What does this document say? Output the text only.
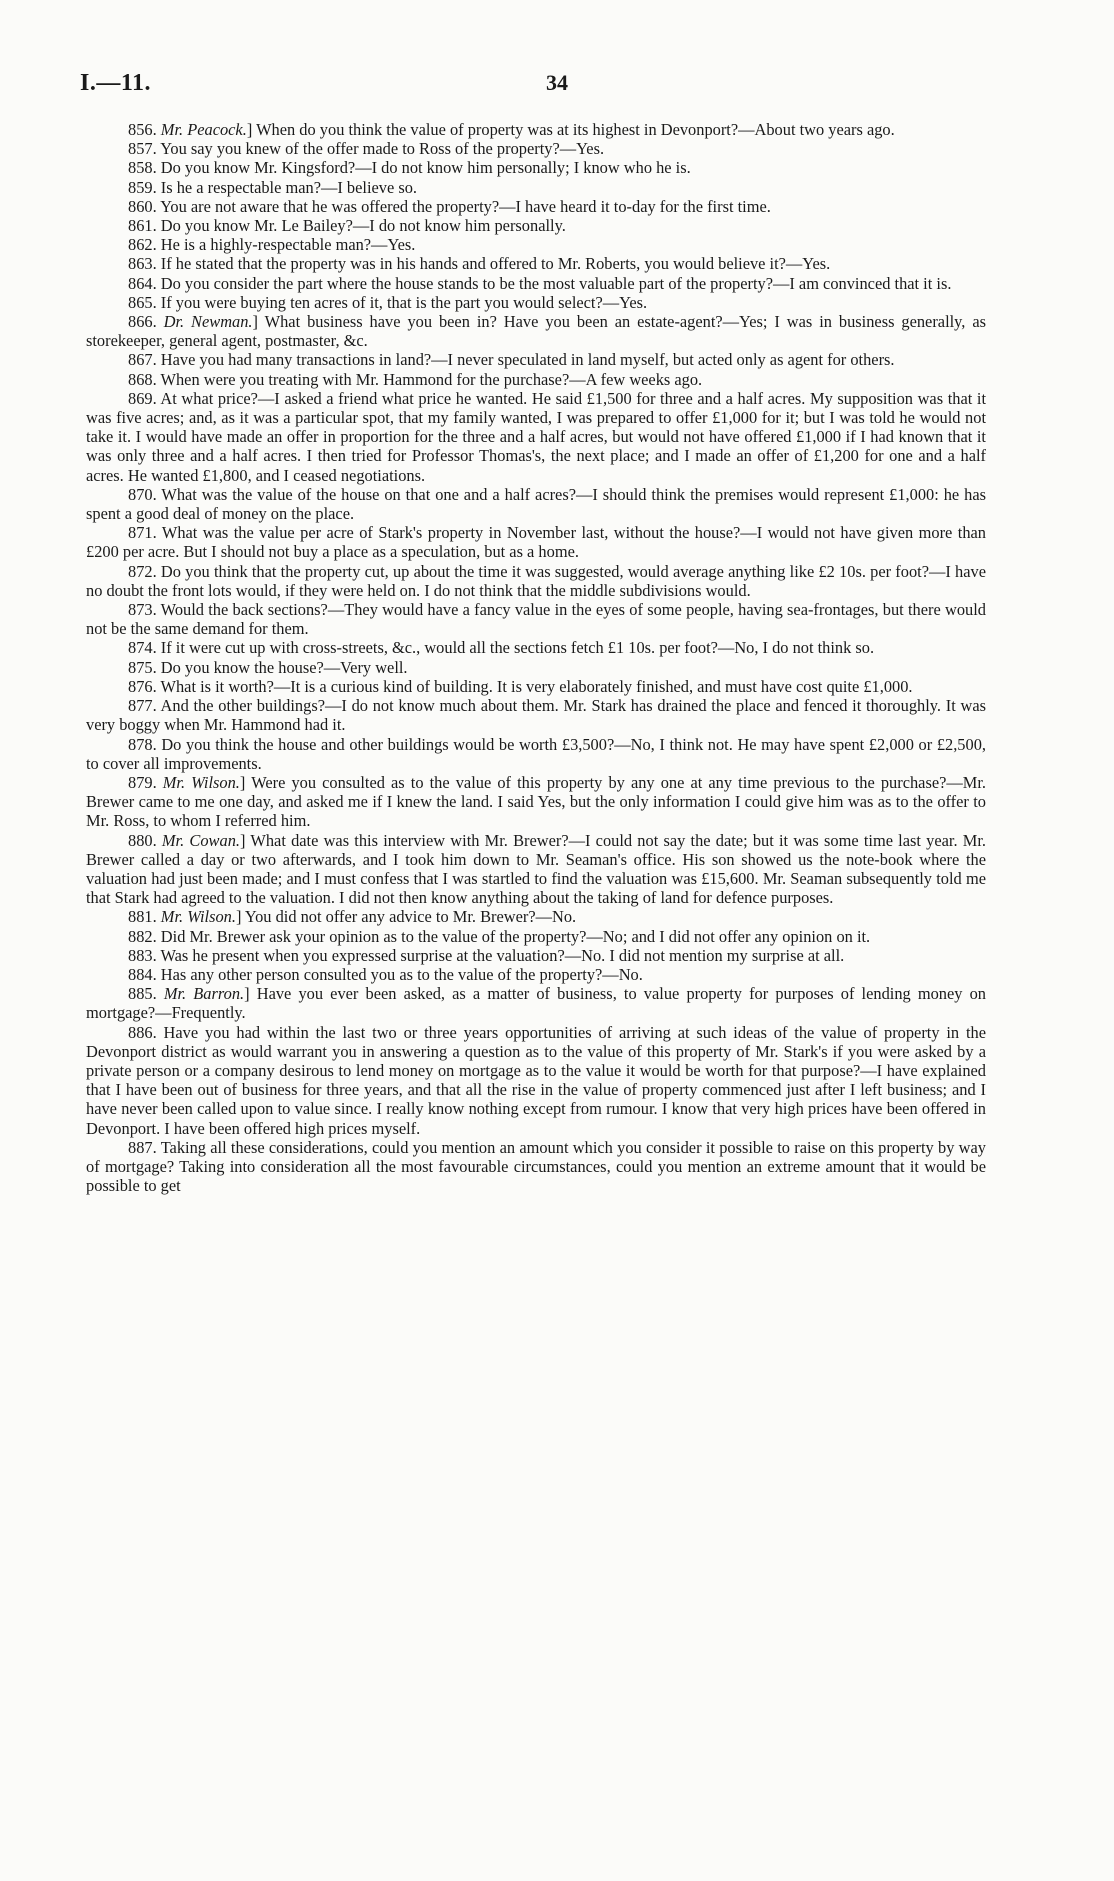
I.—11.	34

856. Mr. Peacock.] When do you think the value of property was at its highest in Devonport?—About two years ago.

857. You say you knew of the offer made to Ross of the property?—Yes.

858. Do you know Mr. Kingsford?—I do not know him personally; I know who he is.

859. Is he a respectable man?—I believe so.

860. You are not aware that he was offered the property?—I have heard it to-day for the first time.

861. Do you know Mr. Le Bailey?—I do not know him personally.

862. He is a highly-respectable man?—Yes.

863. If he stated that the property was in his hands and offered to Mr. Roberts, you would believe it?—Yes.

864. Do you consider the part where the house stands to be the most valuable part of the property?—I am convinced that it is.

865. If you were buying ten acres of it, that is the part you would select?—Yes.

866. Dr. Newman.] What business have you been in? Have you been an estate-agent?—Yes; I was in business generally, as storekeeper, general agent, postmaster, &c.

867. Have you had many transactions in land?—I never speculated in land myself, but acted only as agent for others.

868. When were you treating with Mr. Hammond for the purchase?—A few weeks ago.

869. At what price?—I asked a friend what price he wanted. He said £1,500 for three and a half acres. My supposition was that it was five acres; and, as it was a particular spot, that my family wanted, I was prepared to offer £1,000 for it; but I was told he would not take it. I would have made an offer in proportion for the three and a half acres, but would not have offered £1,000 if I had known that it was only three and a half acres. I then tried for Professor Thomas's, the next place; and I made an offer of £1,200 for one and a half acres. He wanted £1,800, and I ceased negotiations.

870. What was the value of the house on that one and a half acres?—I should think the premises would represent £1,000: he has spent a good deal of money on the place.

871. What was the value per acre of Stark's property in November last, without the house?—I would not have given more than £200 per acre. But I should not buy a place as a speculation, but as a home.

872. Do you think that the property cut, up about the time it was suggested, would average anything like £2 10s. per foot?—I have no doubt the front lots would, if they were held on. I do not think that the middle subdivisions would.

873. Would the back sections?—They would have a fancy value in the eyes of some people, having sea-frontages, but there would not be the same demand for them.

874. If it were cut up with cross-streets, &c., would all the sections fetch £1 10s. per foot?—No, I do not think so.

875. Do you know the house?—Very well.

876. What is it worth?—It is a curious kind of building. It is very elaborately finished, and must have cost quite £1,000.

877. And the other buildings?—I do not know much about them. Mr. Stark has drained the place and fenced it thoroughly. It was very boggy when Mr. Hammond had it.

878. Do you think the house and other buildings would be worth £3,500?—No, I think not. He may have spent £2,000 or £2,500, to cover all improvements.

879. Mr. Wilson.] Were you consulted as to the value of this property by any one at any time previous to the purchase?—Mr. Brewer came to me one day, and asked me if I knew the land. I said Yes, but the only information I could give him was as to the offer to Mr. Ross, to whom I referred him.

880. Mr. Cowan.] What date was this interview with Mr. Brewer?—I could not say the date; but it was some time last year. Mr. Brewer called a day or two afterwards, and I took him down to Mr. Seaman's office. His son showed us the note-book where the valuation had just been made; and I must confess that I was startled to find the valuation was £15,600. Mr. Seaman subsequently told me that Stark had agreed to the valuation. I did not then know anything about the taking of land for defence purposes.

881. Mr. Wilson.] You did not offer any advice to Mr. Brewer?—No.

882. Did Mr. Brewer ask your opinion as to the value of the property?—No; and I did not offer any opinion on it.

883. Was he present when you expressed surprise at the valuation?—No. I did not mention my surprise at all.

884. Has any other person consulted you as to the value of the property?—No.

885. Mr. Barron.] Have you ever been asked, as a matter of business, to value property for purposes of lending money on mortgage?—Frequently.

886. Have you had within the last two or three years opportunities of arriving at such ideas of the value of property in the Devonport district as would warrant you in answering a question as to the value of this property of Mr. Stark's if you were asked by a private person or a company desirous to lend money on mortgage as to the value it would be worth for that purpose?—I have explained that I have been out of business for three years, and that all the rise in the value of property commenced just after I left business; and I have never been called upon to value since. I really know nothing except from rumour. I know that very high prices have been offered in Devonport. I have been offered high prices myself.

887. Taking all these considerations, could you mention an amount which you consider it possible to raise on this property by way of mortgage? Taking into consideration all the most favourable circumstances, could you mention an extreme amount that it would be possible to get
